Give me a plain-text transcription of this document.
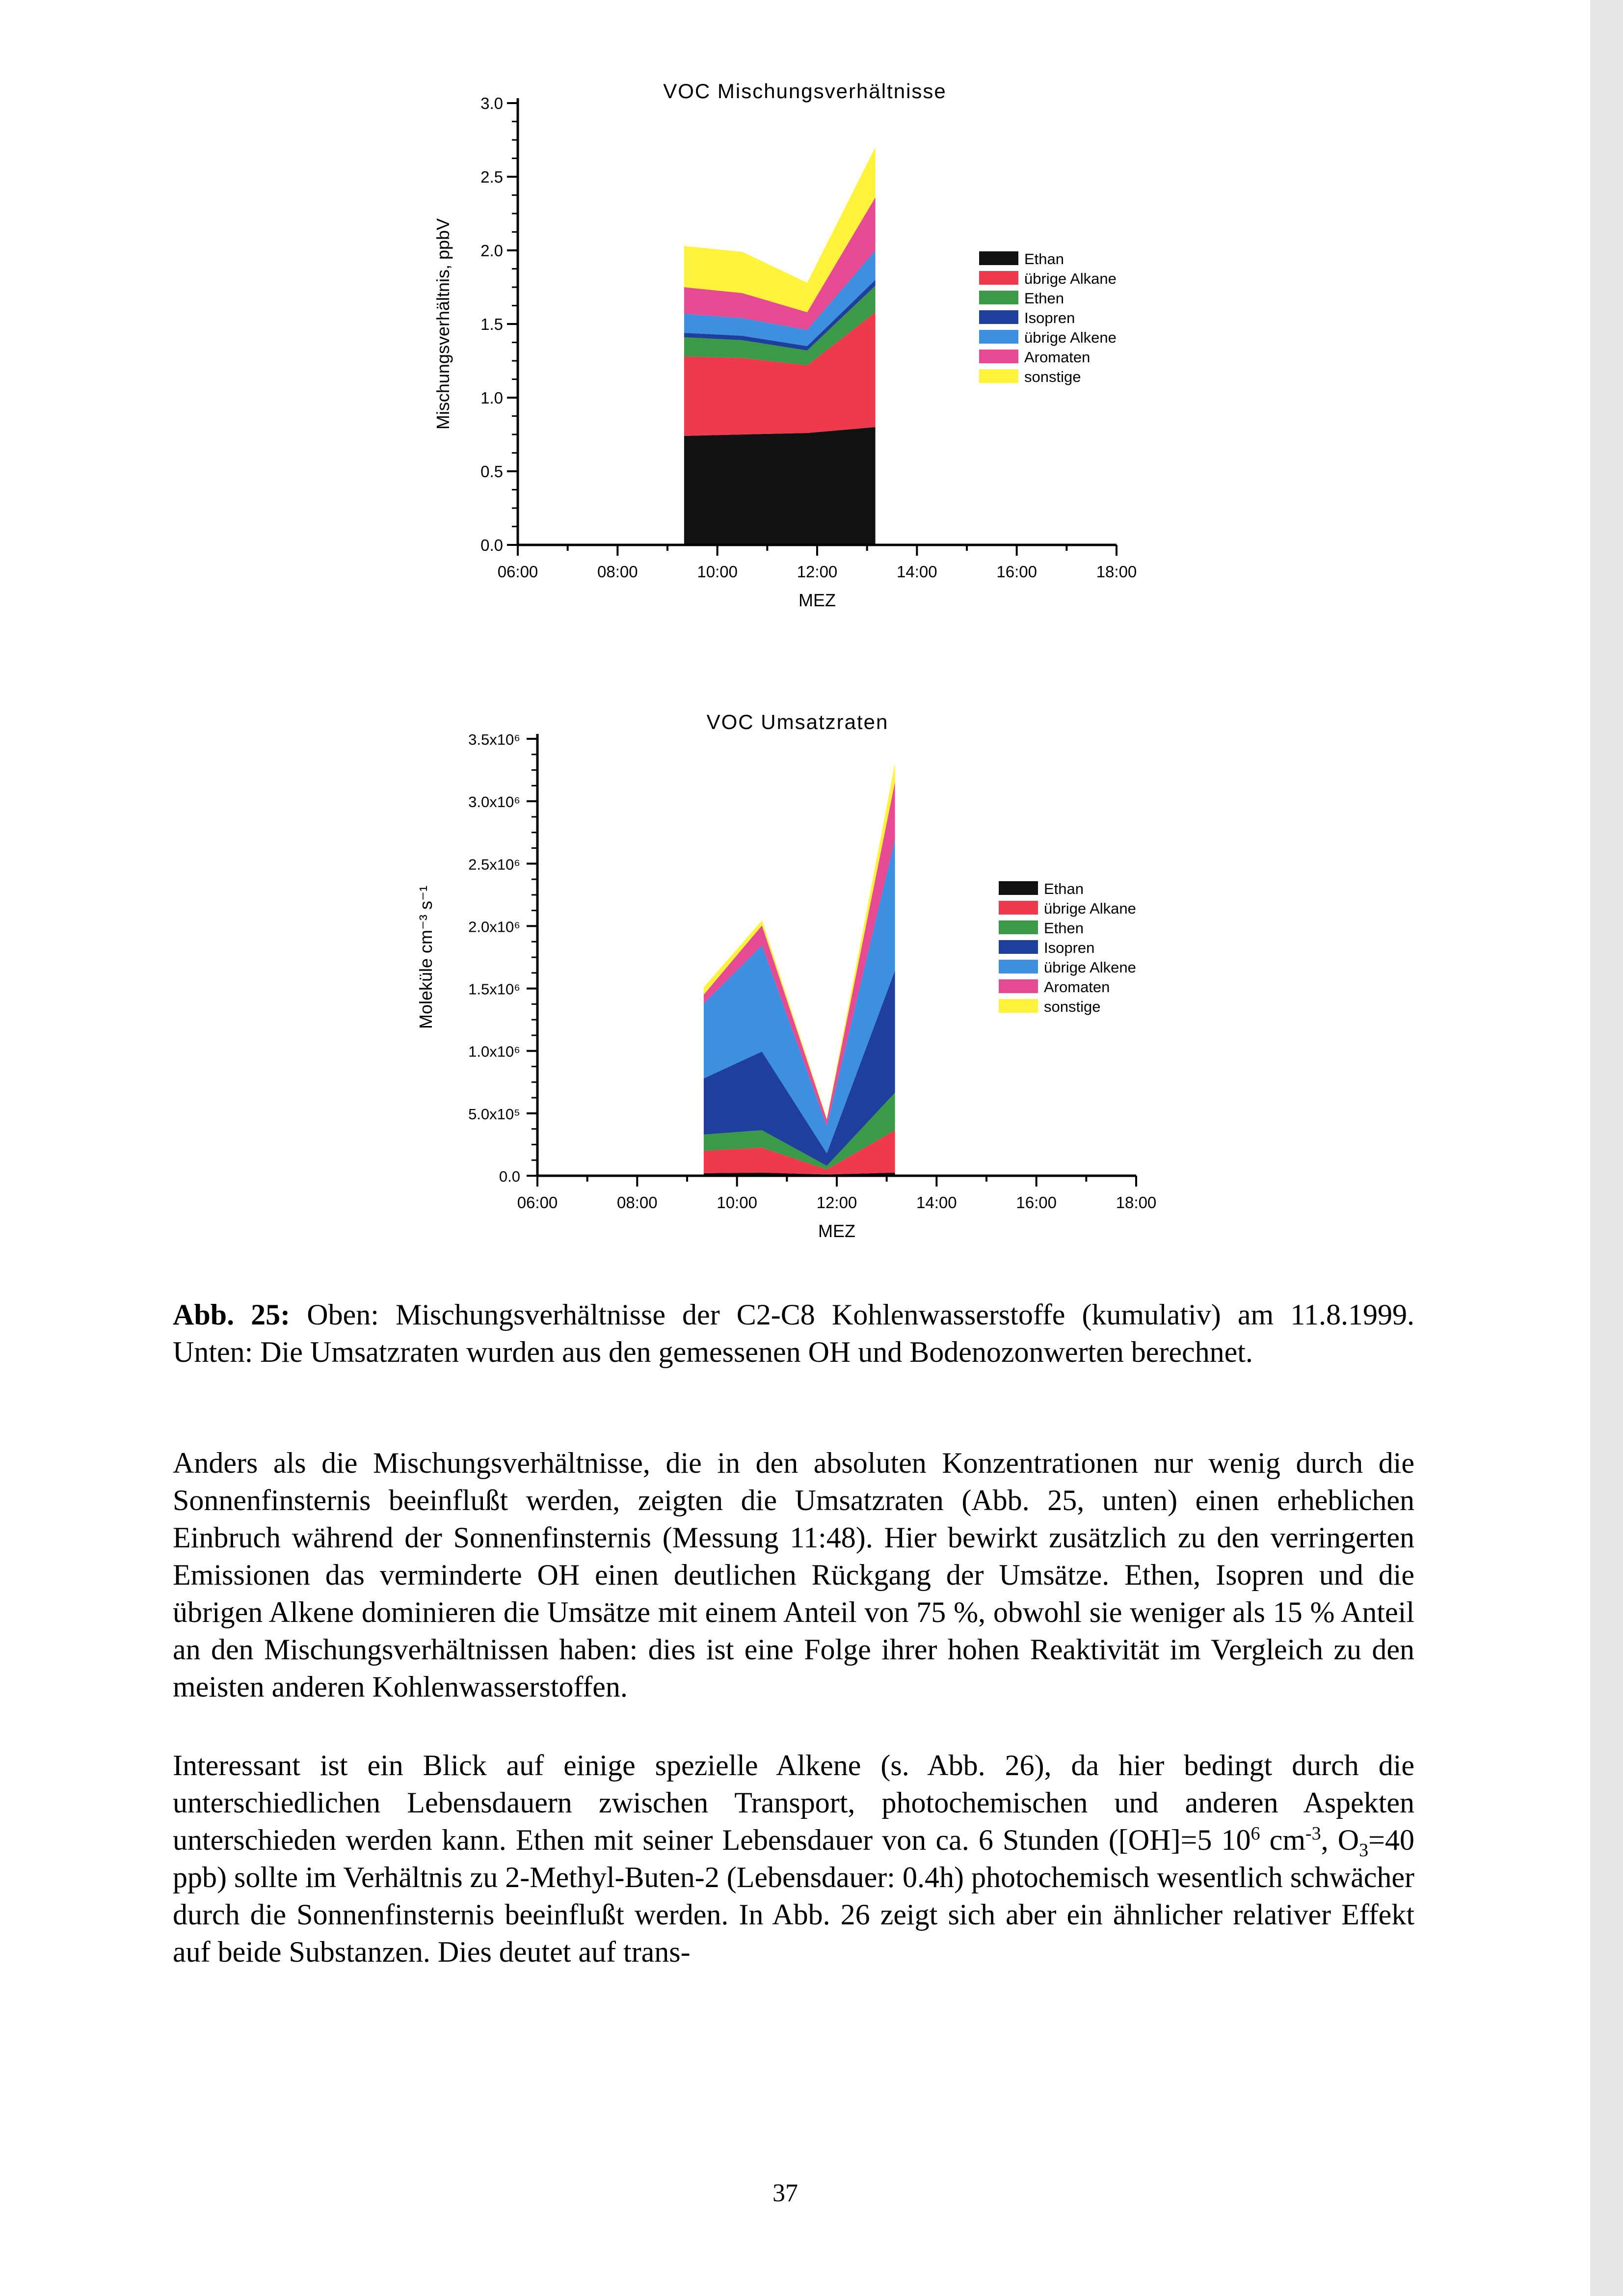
06:00	08:00	10:00	12:00	14:00	16:00	18:00
0.0
0.5
1.0
1.5
2.0
2.5
3.0
VOC Mischungsverhältnisse
MEZ
Mischungsverhältnis, ppbV	Ethan
übrige Alkane
Ethen
Isopren
übrige Alkene
Aromaten
sonstige
06:00	08:00	10:00	12:00	14:00	16:00	18:00
0.0
5.0x10⁵
1.0x10⁶
1.5x10⁶
2.0x10⁶
2.5x10⁶
3.0x10⁶
3.5x10⁶
VOC Umsatzraten
MEZ
Moleküle cm⁻³ s⁻¹	Ethan
übrige Alkane
Ethen
Isopren
übrige Alkene
Aromaten
sonstige

Abb. 25: Oben: Mischungsverhältnisse der C2-C8 Kohlenwasserstoffe (kumulativ) am 11.8.1999. Unten: Die Umsatzraten wurden aus den gemessenen OH und Bodenozonwerten berechnet.

Anders als die Mischungsverhältnisse, die in den absoluten Konzentrationen nur wenig durch die Sonnenfinsternis beeinflußt werden, zeigten die Umsatzraten (Abb. 25, unten) einen erheblichen Einbruch während der Sonnenfinsternis (Messung 11:48). Hier bewirkt zusätzlich zu den verringerten Emissionen das verminderte OH einen deutlichen Rückgang der Umsätze. Ethen, Isopren und die übrigen Alkene dominieren die Umsätze mit einem Anteil von 75 %, obwohl sie weniger als 15 % Anteil an den Mischungsverhältnissen haben: dies ist eine Folge ihrer hohen Reaktivität im Vergleich zu den meisten anderen Kohlenwasserstoffen.

Interessant ist ein Blick auf einige spezielle Alkene (s. Abb. 26), da hier bedingt durch die unterschiedlichen Lebensdauern zwischen Transport, photochemischen und anderen Aspekten unterschieden werden kann. Ethen mit seiner Lebensdauer von ca. 6 Stunden ([OH]=5 $10^6$ $cm^{-3}$, $O_3=40$ ppb) sollte im Verhältnis zu 2-Methyl-Buten-2 (Lebensdauer: 0.4h) photochemisch wesentlich schwächer durch die Sonnenfinsternis beeinflußt werden. In Abb. 26 zeigt sich aber ein ähnlicher relativer Effekt auf beide Substanzen. Dies deutet auf trans-

37
